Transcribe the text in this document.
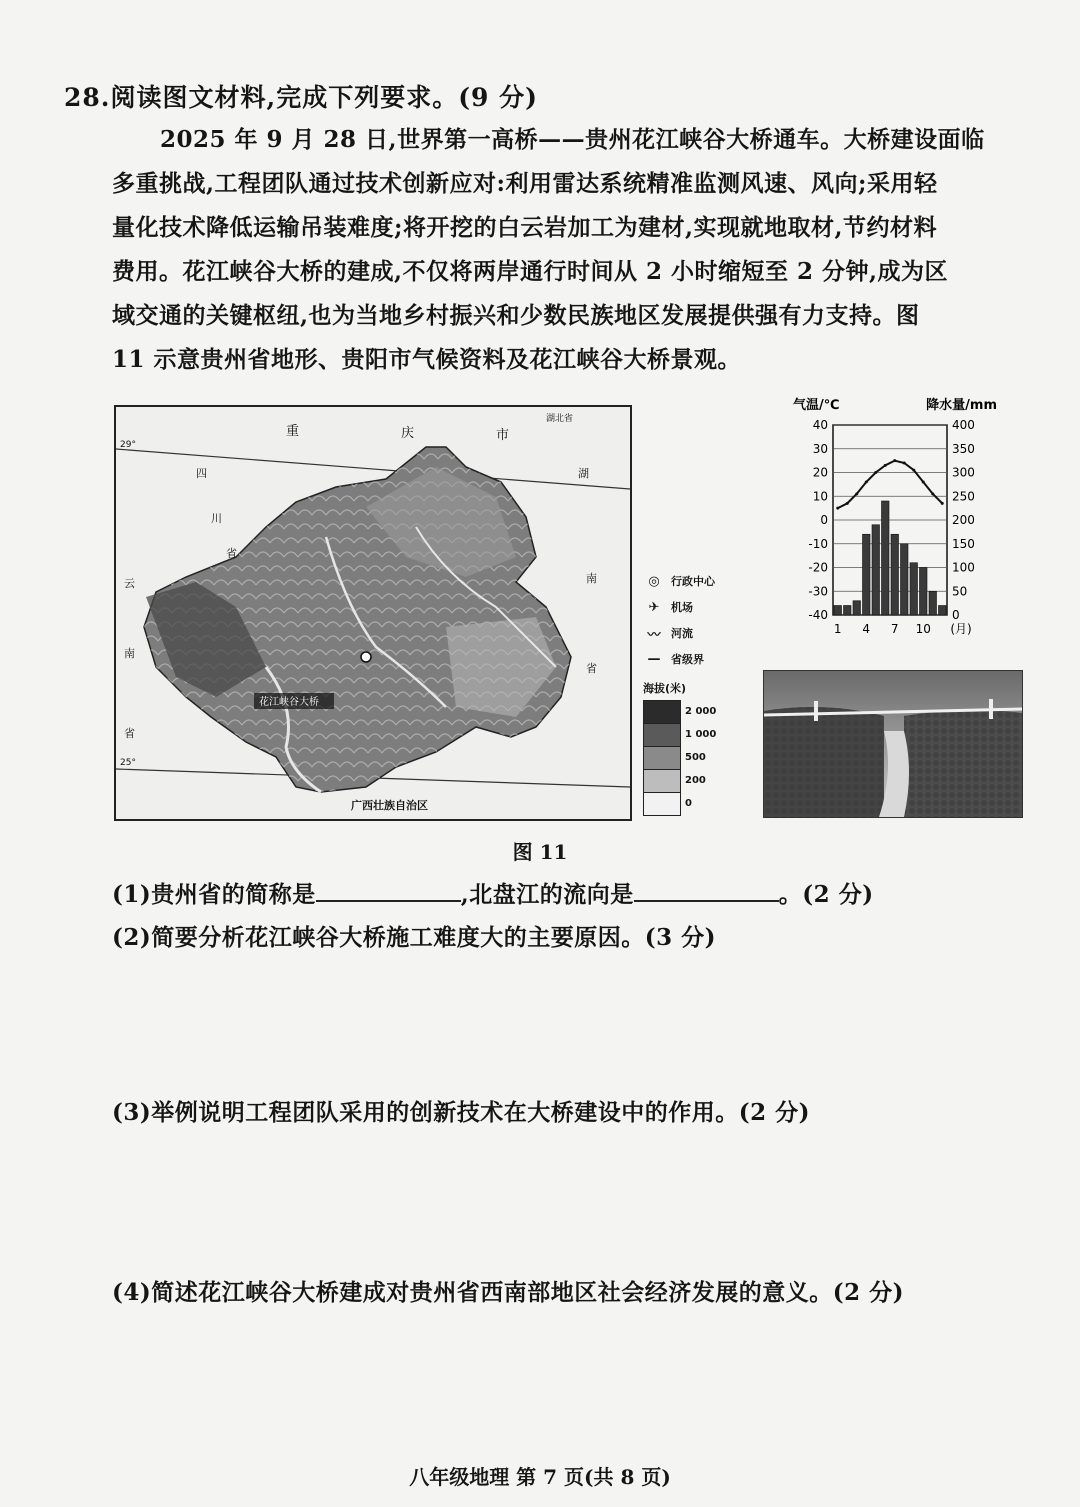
28.阅读图文材料,完成下列要求。(9 分)
2025 年 9 月 28 日,世界第一高桥——贵州花江峡谷大桥通车。大桥建设面临
多重挑战,工程团队通过技术创新应对:利用雷达系统精准监测风速、风向;采用轻
量化技术降低运输吊装难度;将开挖的白云岩加工为建材,实现就地取材,节约材料
费用。花江峡谷大桥的建成,不仅将两岸通行时间从 2 小时缩短至 2 分钟,成为区
域交通的关键枢纽,也为当地乡村振兴和少数民族地区发展提供强有力支持。图
11 示意贵州省地形、贵阳市气候资料及花江峡谷大桥景观。
花江峡谷大桥
重	庆	市
湖北省
四
川
省
云
南
省
湖
南
省
广西壮族自治区
29°
25°
◎	行政中心
✈	机场
〰 河流
— 省级界
海拔(米)
2 000
1 000
500
200
0
40
30
20
10
0
-10
-20
-30
-40
400
350
300
250
200
150
100
50
0
气温/℃	降水量/mm
1 4 7 10 (月)
图 11
(1)贵州省的简称是	,北盘江的流向是	。(2 分)
(2)简要分析花江峡谷大桥施工难度大的主要原因。(3 分)
(3)举例说明工程团队采用的创新技术在大桥建设中的作用。(2 分)
(4)简述花江峡谷大桥建成对贵州省西南部地区社会经济发展的意义。(2 分)
八年级地理 第 7 页(共 8 页)
